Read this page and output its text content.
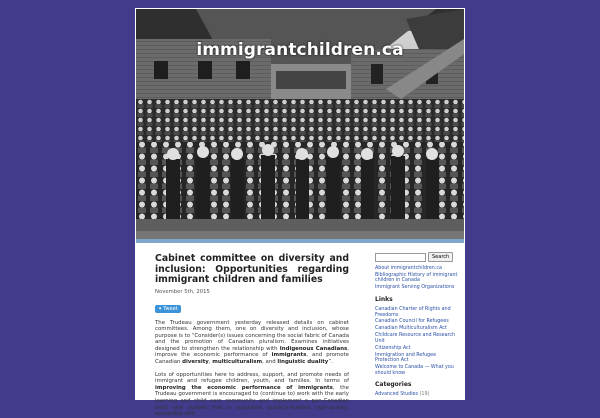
immigrantchildren.ca
Cabinet committee on diversity and inclusion: Opportunities regarding immigrant children and families
November 5th, 2015
✦Tweet

The Trudeau government yesterday released details on cabinet committees. Among them, one on diversity and inclusion, whose purpose is to “Consider(s) issues concerning the social fabric of Canada and the promotion of Canadian pluralism. Examines initiatives designed to strengthen the relationship with Indigenous Canadians, improve the economic performance of immigrants, and promote Canadian diversity, multiculturalism, and linguistic duality”.

Lots of opportunities here to address, support, and promote needs of immigrant and refugee children, youth, and families. In terms of improving the economic performance of immigrants, the Trudeau government is encouraged to (continue to) work with the early learning and child care community and implement a pan-Canadian child care system that is regulated, publicly-funded, high-quality, accessible and

Search
About immigrantchildren.ca
Bibliographic History of immigrant children in Canada
Immigrant Serving Organizations
Links
Canadian Charter of Rights and Freedoms
Canadian Council for Refugees
Canadian Multiculturalism Act
Childcare Resource and Research Unit
Citizenship Act
Immigration and Refugee Protection Act
Welcome to Canada — What you should know
Categories
Advanced Studies (19)
